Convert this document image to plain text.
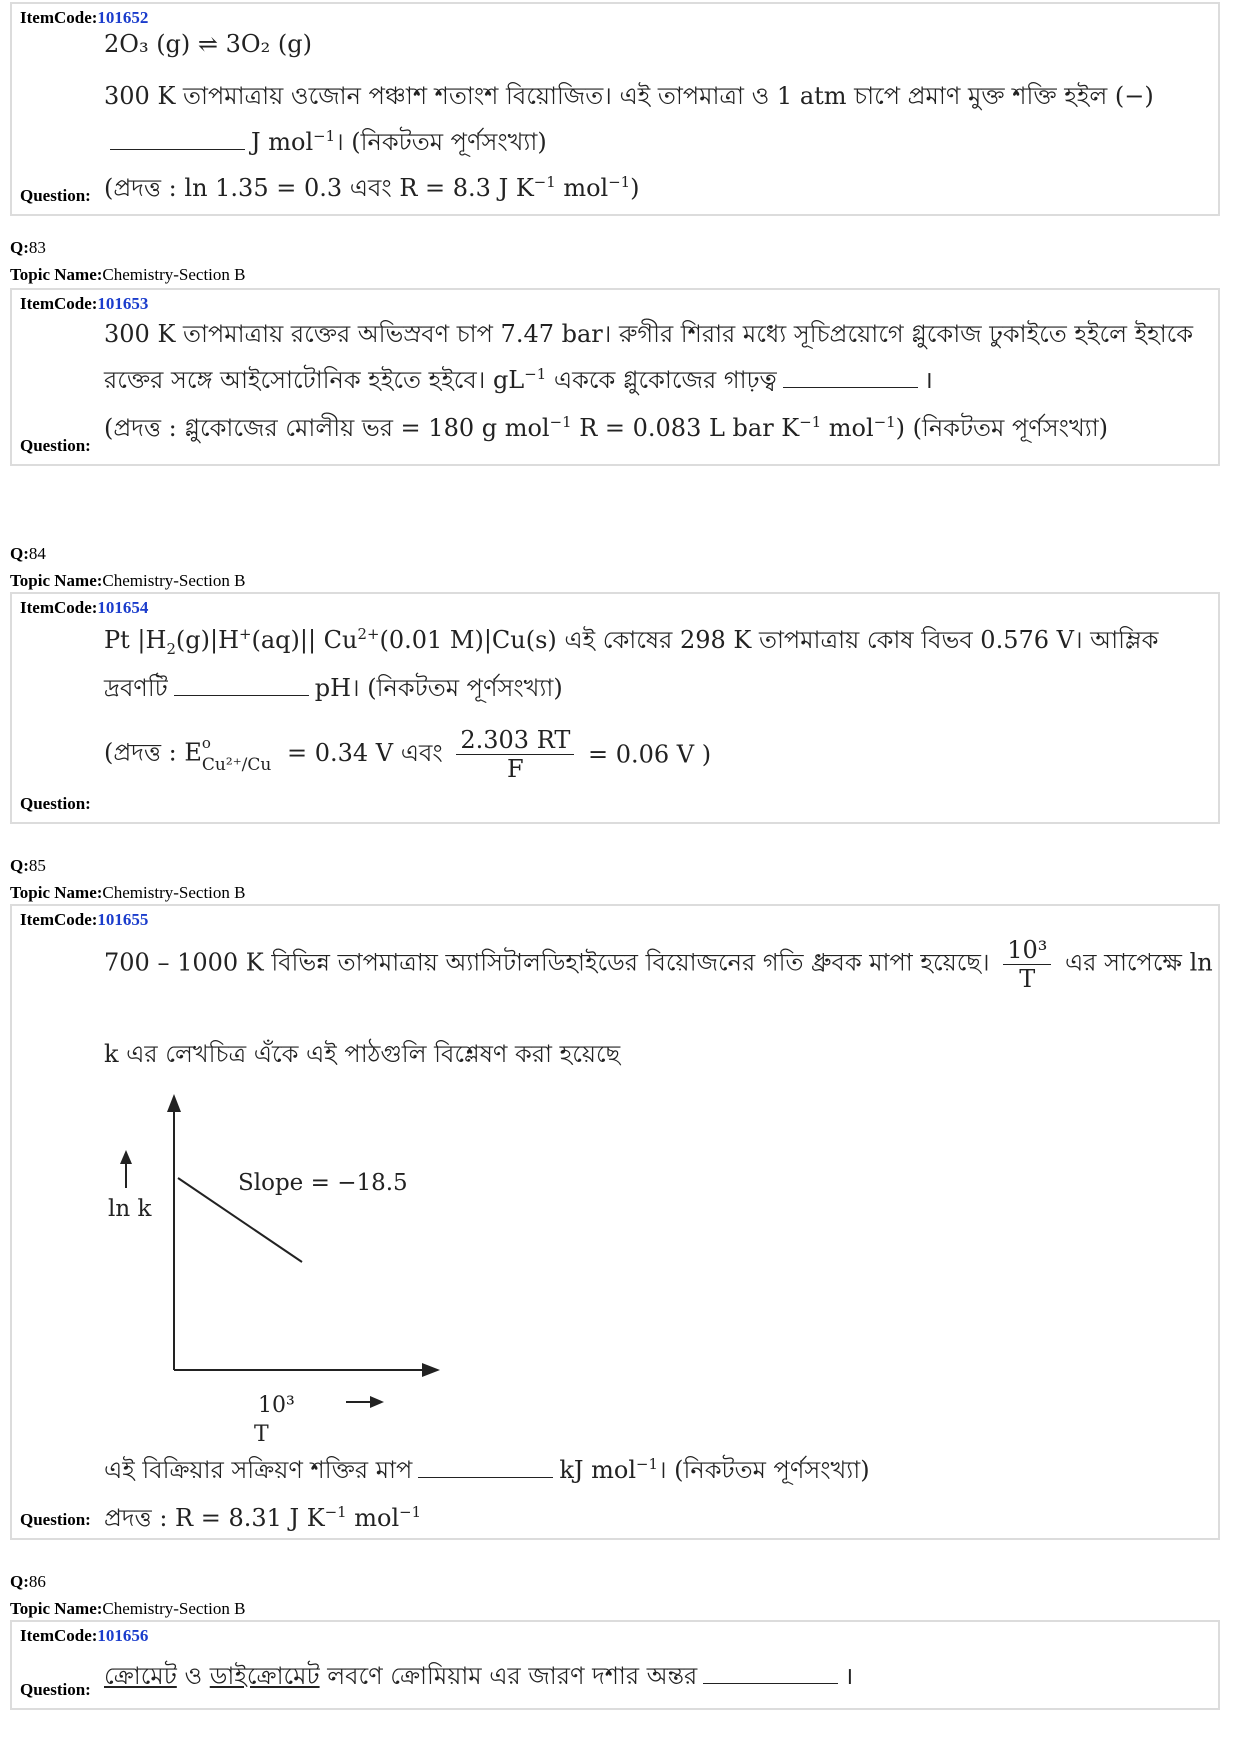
ItemCode:101652
2O₃ (g) ⇌ 3O₂ (g)
300 K তাপমাত্রায় ওজোন পঞ্চাশ শতাংশ বিয়োজিত। এই তাপমাত্রা ও 1 atm চাপে প্রমাণ মুক্ত শক্তি হইল (−)
J mol$^{-1}$। (নিকটতম পূর্ণসংখ্যা)
(প্রদত্ত : ln 1.35 = 0.3 এবং R = 8.3 J $K^{-1}$ mol$^{-1}$)
Question:
Q:83
Topic Name:Chemistry-Section B
ItemCode:101653
300 K তাপমাত্রায় রক্তের অভিস্রবণ চাপ 7.47 bar। রুগীর শিরার মধ্যে সূচিপ্রয়োগে গ্লুকোজ ঢুকাইতে হইলে ইহাকে
রক্তের সঙ্গে আইসোটোনিক হইতে হইবে। $gL^{-1}$ এককে গ্লুকোজের গাঢ়ত্ব	।
(প্রদত্ত : গ্লুকোজের মোলীয় ভর = 180 g mol$^{-1}$ R = 0.083 L bar $K^{-1}$ mol$^{-1}$) (নিকটতম পূর্ণসংখ্যা)
Question:
Q:84
Topic Name:Chemistry-Section B
ItemCode:101654
Pt $|H_2(g)|H^+(aq)||$ $Cu^{2+}(0.01$ M)|Cu(s) এই কোষের 298 K তাপমাত্রায় কোষ বিভব 0.576 V। আম্লিক
দ্রবণটি	pH। (নিকটতম পূর্ণসংখ্যা)
(প্রদত্ত : E o
Cu²⁺/Cu = 0.34 V এবং $\frac{2.303 RT}{F} = 0.06$ V )
Question:
Q:85
Topic Name:Chemistry-Section B
ItemCode:101655
700 – 1000 K বিভিন্ন তাপমাত্রায় অ্যাসিটালডিহাইডের বিয়োজনের গতি ধ্রুবক মাপা হয়েছে। $\frac{\text{10³}}{T}$ এর সাপেক্ষে ln
k এর লেখচিত্র এঁকে এই পাঠগুলি বিশ্লেষণ করা হয়েছে
ln k
Slope = −18.5
10³
T
এই বিক্রিয়ার সক্রিয়ণ শক্তির মাপ	kJ mol$^{-1}$। (নিকটতম পূর্ণসংখ্যা)
প্রদত্ত : R = 8.31 J $K^{-1}$ mol$^{-1}$
Question:
Q:86
Topic Name:Chemistry-Section B
ItemCode:101656
ক্রোমেট ও ডাইক্রোমেট লবণে ক্রোমিয়াম এর জারণ দশার অন্তর	।
Question:
